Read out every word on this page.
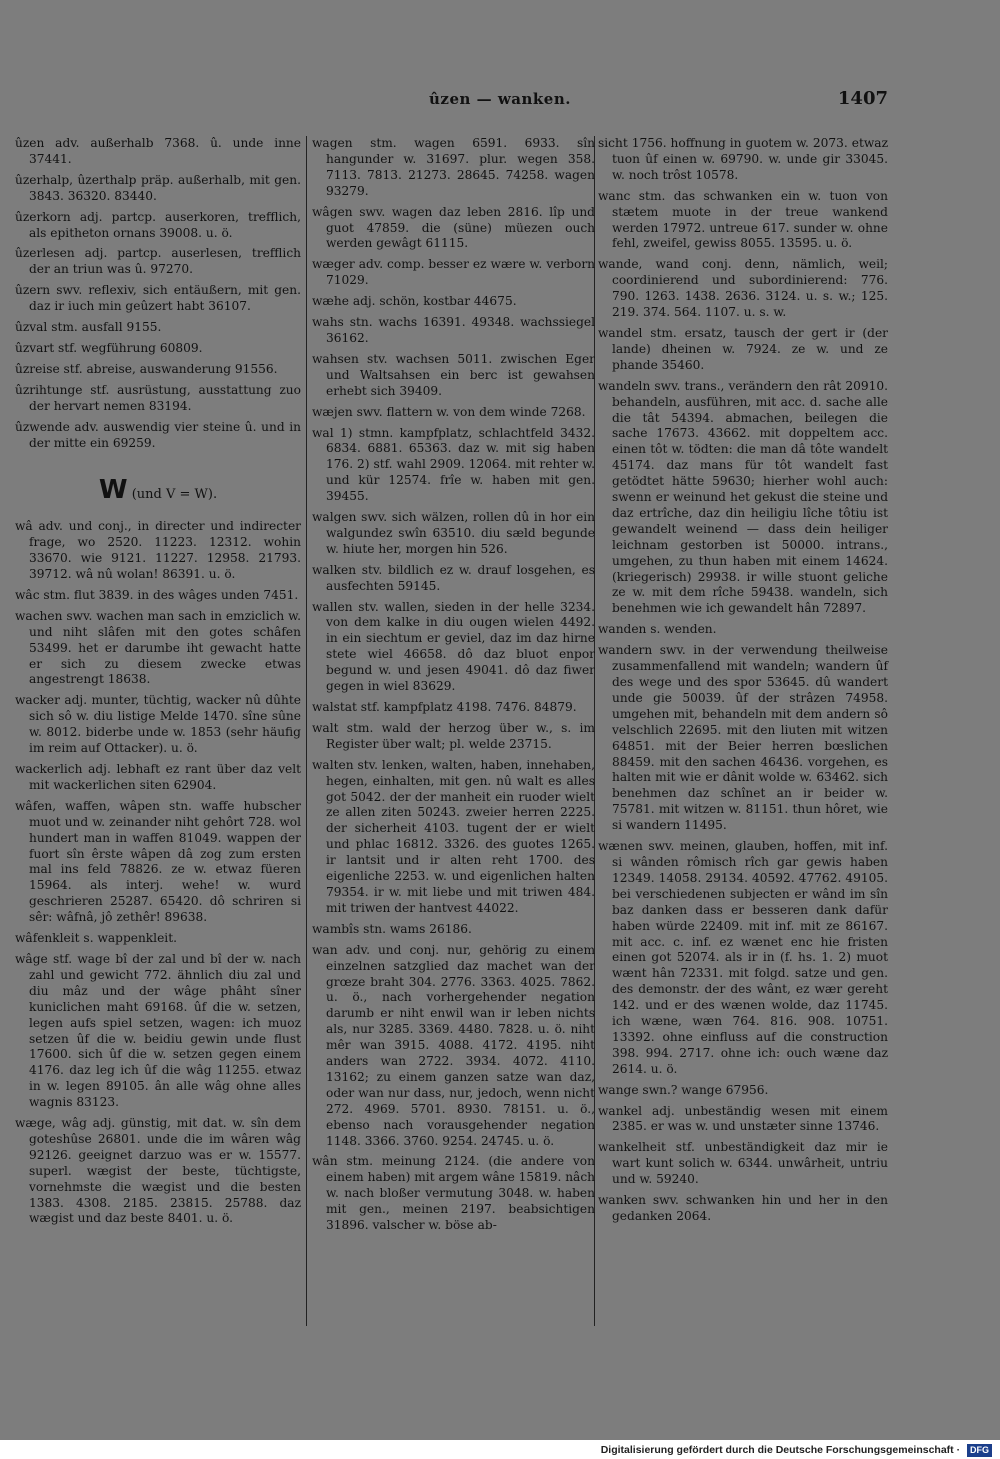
ûzen — wanken.	1407
ûzen adv. außerhalb 7368. û. unde inne 37441.
ûzerhalp, ûzerthalp präp. außerhalb, mit gen. 3843. 36320. 83440.
ûzerkorn adj. partcp. auserkoren, trefflich, als epitheton ornans 39008. u. ö.
ûzerlesen adj. partcp. auserlesen, trefflich der an triun was û. 97270.
ûzern swv. reflexiv, sich entäußern, mit gen. daz ir iuch min geûzert habt 36107.
ûzval stm. ausfall 9155.
ûzvart stf. wegführung 60809.
ûzreise stf. abreise, auswanderung 91556.
ûzrihtunge stf. ausrüstung, ausstattung zuo der hervart nemen 83194.
ûzwende adv. auswendig vier steine û. und in der mitte ein 69259.
W (und V = W).
wâ adv. und conj., in directer und indirecter frage, wo 2520. 11223. 12312. wohin 33670. wie 9121. 11227. 12958. 21793. 39712. wâ nû wolan! 86391. u. ö.
wâc stm. flut 3839. in des wâges unden 7451.
wachen swv. wachen man sach in emziclich w. und niht slâfen mit den gotes schâfen 53499. het er darumbe iht gewacht hatte er sich zu diesem zwecke etwas angestrengt 18638.
wacker adj. munter, tüchtig, wacker nû dûhte sich sô w. diu listige Melde 1470. sîne sûne w. 8012. biderbe unde w. 1853 (sehr häufig im reim auf Ottacker). u. ö.
wackerlich adj. lebhaft ez rant über daz velt mit wackerlichen siten 62904.
wâfen, waffen, wâpen stn. waffe hubscher muot und w. zeinander niht gehôrt 728. wol hundert man in waffen 81049. wappen der fuort sîn êrste wâpen dâ zog zum ersten mal ins feld 78826. ze w. etwaz füeren 15964. als interj. wehe! w. wurd geschrieren 25287. 65420. dô schriren si sêr: wâfnâ, jô zethêr! 89638.
wâfenkleit s. wappenkleit.
wâge stf. wage bî der zal und bî der w. nach zahl und gewicht 772. ähnlich diu zal und diu mâz und der wâge phâht sîner kuniclichen maht 69168. ûf die w. setzen, legen aufs spiel setzen, wagen: ich muoz setzen ûf die w. beidiu gewin unde flust 17600. sich ûf die w. setzen gegen einem 4176. daz leg ich ûf die wâg 11255. etwaz in w. legen 89105. ân alle wâg ohne alles wagnis 83123.
wæge, wâg adj. günstig, mit dat. w. sîn dem goteshûse 26801. unde die im wâren wâg 92126. geeignet darzuo was er w. 15577. superl. wægist der beste, tüchtigste, vornehmste die wægist und die besten 1383. 4308. 2185. 23815. 25788. daz wægist und daz beste 8401. u. ö.
wagen stm. wagen 6591. 6933. sîn hangunder w. 31697. plur. wegen 358. 7113. 7813. 21273. 28645. 74258. wagen 93279.
wâgen swv. wagen daz leben 2816. lîp und guot 47859. die (süne) müezen ouch werden gewâgt 61115.
wæger adv. comp. besser ez wære w. verborn 71029.
wæhe adj. schön, kostbar 44675.
wahs stn. wachs 16391. 49348. wachssiegel 36162.
wahsen stv. wachsen 5011. zwischen Eger und Waltsahsen ein berc ist gewahsen erhebt sich 39409.
wæjen swv. flattern w. von dem winde 7268.
wal 1) stmn. kampfplatz, schlachtfeld 3432. 6834. 6881. 65363. daz w. mit sig haben 176. 2) stf. wahl 2909. 12064. mit rehter w. und kür 12574. frîe w. haben mit gen. 39455.
walgen swv. sich wälzen, rollen dû in hor ein walgundez swîn 63510. diu sæld begunde w. hiute her, morgen hin 526.
walken stv. bildlich ez w. drauf losgehen, es ausfechten 59145.
wallen stv. wallen, sieden in der helle 3234. von dem kalke in diu ougen wielen 4492. in ein siechtum er geviel, daz im daz hirne stete wiel 46658. dô daz bluot enpor begund w. und jesen 49041. dô daz fiwer gegen in wiel 83629.
walstat stf. kampfplatz 4198. 7476. 84879.
walt stm. wald der herzog über w., s. im Register über walt; pl. welde 23715.
walten stv. lenken, walten, haben, innehaben, hegen, einhalten, mit gen. nû walt es alles got 5042. der der manheit ein ruoder wielt ze allen ziten 50243. zweier herren 2225. der sicherheit 4103. tugent der er wielt und phlac 16812. 3326. des guotes 1265. ir lantsit und ir alten reht 1700. des eigenliche 2253. w. und eigenlichen halten 79354. ir w. mit liebe und mit triwen 484. mit triwen der hantvest 44022.
wambîs stn. wams 26186.
wan adv. und conj. nur, gehörig zu einem einzelnen satzglied daz machet wan der grœze braht 304. 2776. 3363. 4025. 7862. u. ö., nach vorhergehender negation darumb er niht enwil wan ir leben nichts als, nur 3285. 3369. 4480. 7828. u. ö. niht mêr wan 3915. 4088. 4172. 4195. niht anders wan 2722. 3934. 4072. 4110. 13162; zu einem ganzen satze wan daz, oder wan nur dass, nur, jedoch, wenn nicht 272. 4969. 5701. 8930. 78151. u. ö., ebenso nach vorausgehender negation 1148. 3366. 3760. 9254. 24745. u. ö.
wân stm. meinung 2124. (die andere von einem haben) mit argem wâne 15819. nâch w. nach bloßer vermutung 3048. w. haben mit gen., meinen 2197. beabsichtigen 31896. valscher w. böse ab-
sicht 1756. hoffnung in guotem w. 2073. etwaz tuon ûf einen w. 69790. w. unde gir 33045. w. noch trôst 10578.
wanc stm. das schwanken ein w. tuon von stætem muote in der treue wankend werden 17972. untreue 617. sunder w. ohne fehl, zweifel, gewiss 8055. 13595. u. ö.
wande, wand conj. denn, nämlich, weil; coordinierend und subordinierend: 776. 790. 1263. 1438. 2636. 3124. u. s. w.; 125. 219. 374. 564. 1107. u. s. w.
wandel stm. ersatz, tausch der gert ir (der lande) dheinen w. 7924. ze w. und ze phande 35460.
wandeln swv. trans., verändern den rât 20910. behandeln, ausführen, mit acc. d. sache alle die tât 54394. abmachen, beilegen die sache 17673. 43662. mit doppeltem acc. einen tôt w. tödten: die man dâ tôte wandelt 45174. daz mans für tôt wandelt fast getödtet hätte 59630; hierher wohl auch: swenn er weinund het gekust die steine und daz ertrîche, daz din heiligiu lîche tôtiu ist gewandelt weinend — dass dein heiliger leichnam gestorben ist 50000. intrans., umgehen, zu thun haben mit einem 14624. (kriegerisch) 29938. ir wille stuont geliche ze w. mit dem rîche 59438. wandeln, sich benehmen wie ich gewandelt hân 72897.
wanden s. wenden.
wandern swv. in der verwendung theilweise zusammenfallend mit wandeln; wandern ûf des wege und des spor 53645. dû wandert unde gie 50039. ûf der strâzen 74958. umgehen mit, behandeln mit dem andern sô velschlich 22695. mit den liuten mit witzen 64851. mit der Beier herren bœslichen 88459. mit den sachen 46436. vorgehen, es halten mit wie er dânit wolde w. 63462. sich benehmen daz schînet an ir beider w. 75781. mit witzen w. 81151. thun hôret, wie si wandern 11495.
wænen swv. meinen, glauben, hoffen, mit inf. si wânden rômisch rîch gar gewis haben 12349. 14058. 29134. 40592. 47762. 49105. bei verschiedenen subjecten er wând im sîn baz danken dass er besseren dank dafür haben würde 22409. mit inf. mit ze 86167. mit acc. c. inf. ez wænet enc hie fristen einen got 52074. als ir in (f. hs. 1. 2) muot wænt hân 72331. mit folgd. satze und gen. des demonstr. der des wânt, ez wær gereht 142. und er des wænen wolde, daz 11745. ich wæne, wæn 764. 816. 908. 10751. 13392. ohne einfluss auf die construction 398. 994. 2717. ohne ich: ouch wæne daz 2614. u. ö.
wange swn.? wange 67956.
wankel adj. unbeständig wesen mit einem 2385. er was w. und unstæter sinne 13746.
wankelheit stf. unbeständigkeit daz mir ie wart kunt solich w. 6344. unwârheit, untriu und w. 59240.
wanken swv. schwanken hin und her in den gedanken 2064.
Digitalisierung gefördert durch die Deutsche Forschungsgemeinschaft · DFG
